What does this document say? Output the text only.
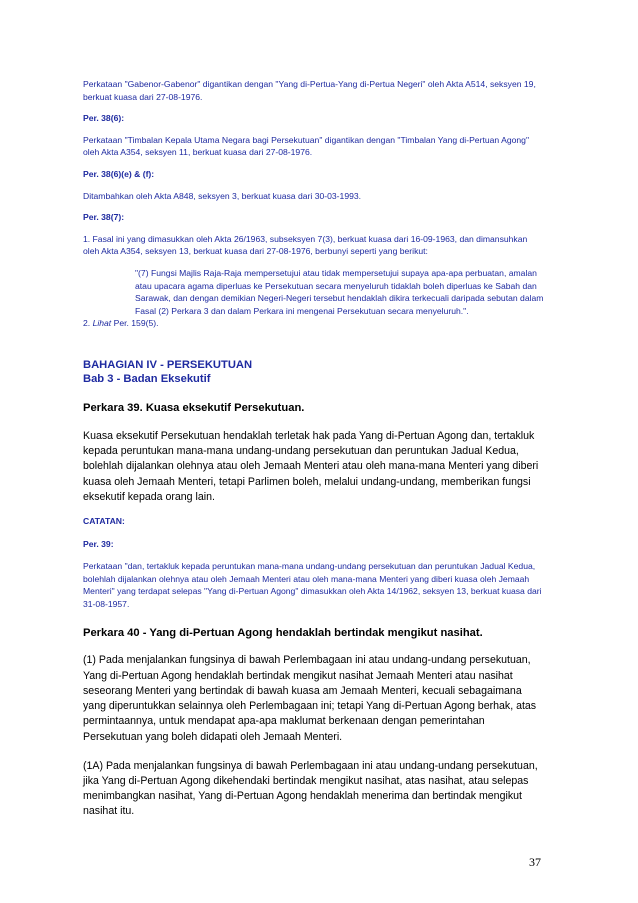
Perkataan "Gabenor-Gabenor" digantikan dengan "Yang di-Pertua-Yang di-Pertua Negeri" oleh Akta A514, seksyen 19, berkuat kuasa dari 27-08-1976.

Per. 38(6):

Perkataan "Timbalan Kepala Utama Negara bagi Persekutuan" digantikan dengan "Timbalan Yang di-Pertuan Agong" oleh Akta A354, seksyen 11, berkuat kuasa dari 27-08-1976.

Per. 38(6)(e) & (f):

Ditambahkan oleh Akta A848, seksyen 3, berkuat kuasa dari 30-03-1993.

Per. 38(7):

1. Fasal ini yang dimasukkan oleh Akta 26/1963, subseksyen 7(3), berkuat kuasa dari 16-09-1963, dan dimansuhkan oleh Akta A354, seksyen 13, berkuat kuasa dari 27-08-1976, berbunyi seperti yang berikut:

"(7) Fungsi Majlis Raja-Raja mempersetujui atau tidak mempersetujui supaya apa-apa perbuatan, amalan atau upacara agama diperluas ke Persekutuan secara menyeluruh tidaklah boleh diperluas ke Sabah dan Sarawak, dan dengan demikian Negeri-Negeri tersebut hendaklah dikira terkecuali daripada sebutan dalam Fasal (2) Perkara 3 dan dalam Perkara ini mengenai Persekutuan secara menyeluruh.".

2. Lihat Per. 159(5).

BAHAGIAN IV - PERSEKUTUAN

Bab 3 - Badan Eksekutif

Perkara 39. Kuasa eksekutif Persekutuan.

Kuasa eksekutif Persekutuan hendaklah terletak hak pada Yang di-Pertuan Agong dan, tertakluk kepada peruntukan mana-mana undang-undang persekutuan dan peruntukan Jadual Kedua, bolehlah dijalankan olehnya atau oleh Jemaah Menteri atau oleh mana-mana Menteri yang diberi kuasa oleh Jemaah Menteri, tetapi Parlimen boleh, melalui undang-undang, memberikan fungsi eksekutif kepada orang lain.

CATATAN:

Per. 39:

Perkataan "dan, tertakluk kepada peruntukan mana-mana undang-undang persekutuan dan peruntukan Jadual Kedua, bolehlah dijalankan olehnya atau oleh Jemaah Menteri atau oleh mana-mana Menteri yang diberi kuasa oleh Jemaah Menteri" yang terdapat selepas "Yang di-Pertuan Agong" dimasukkan oleh Akta 14/1962, seksyen 13, berkuat kuasa dari 31-08-1957.

Perkara 40 - Yang di-Pertuan Agong hendaklah bertindak mengikut nasihat.

(1) Pada menjalankan fungsinya di bawah Perlembagaan ini atau undang-undang persekutuan, Yang di-Pertuan Agong hendaklah bertindak mengikut nasihat Jemaah Menteri atau nasihat seseorang Menteri yang bertindak di bawah kuasa am Jemaah Menteri, kecuali sebagaimana yang diperuntukkan selainnya oleh Perlembagaan ini; tetapi Yang di-Pertuan Agong berhak, atas permintaannya, untuk mendapat apa-apa maklumat berkenaan dengan pemerintahan Persekutuan yang boleh didapati oleh Jemaah Menteri.

(1A) Pada menjalankan fungsinya di bawah Perlembagaan ini atau undang-undang persekutuan, jika Yang di-Pertuan Agong dikehendaki bertindak mengikut nasihat, atas nasihat, atau selepas menimbangkan nasihat, Yang di-Pertuan Agong hendaklah menerima dan bertindak mengikut nasihat itu.

37
